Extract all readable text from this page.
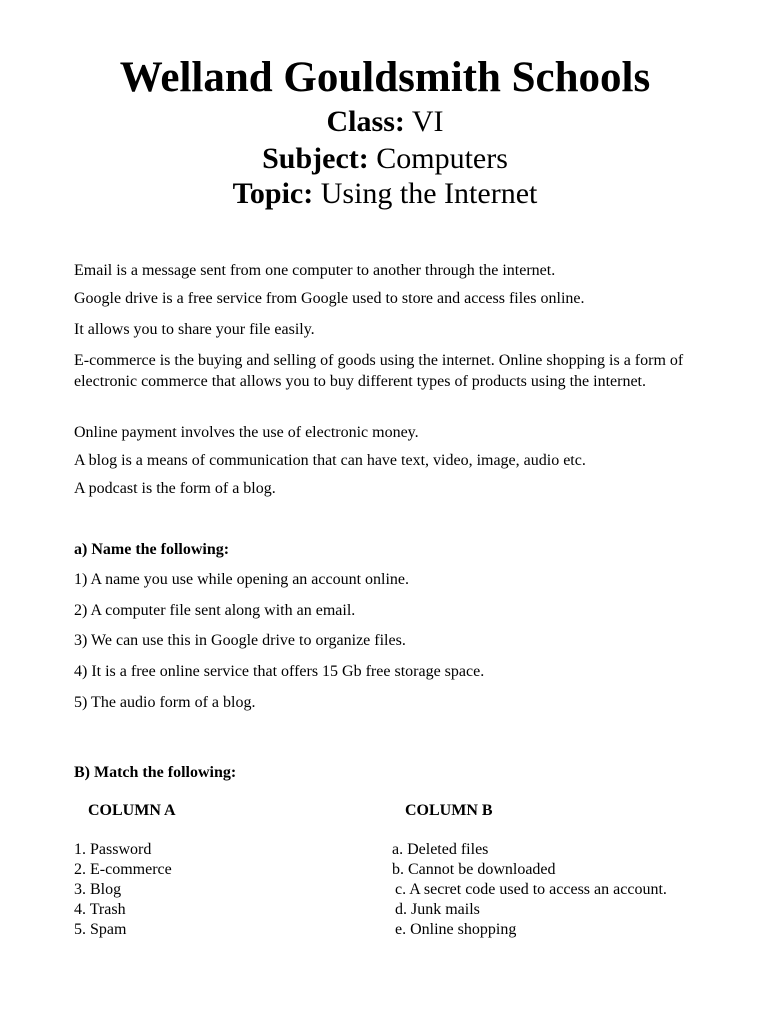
Welland Gouldsmith Schools
Class: VI
Subject: Computers
Topic: Using the Internet
Email is a message sent from one computer to another through the internet.
Google drive is a free service from Google used to store and access files online.
It allows you to share your file easily.
E-commerce is the buying and selling of goods using the internet. Online shopping is a form of electronic commerce that allows you to buy different types of products using the internet.
Online payment involves the use of electronic money.
A blog is a means of communication that can have text, video, image, audio etc.
A podcast is the form of a blog.
a) Name the following:
1) A name you use while opening an account online.
2) A computer file sent along with an email.
3) We can use this in Google drive to organize files.
4) It is a free online service that offers 15 Gb free storage space.
5) The audio form of a blog.
B) Match the following:
COLUMN A	COLUMN B
1. Password
2. E-commerce
3. Blog
4. Trash
5. Spam
a. Deleted files
b. Cannot be downloaded
c. A secret code used to access an account.
d. Junk mails
e. Online shopping
